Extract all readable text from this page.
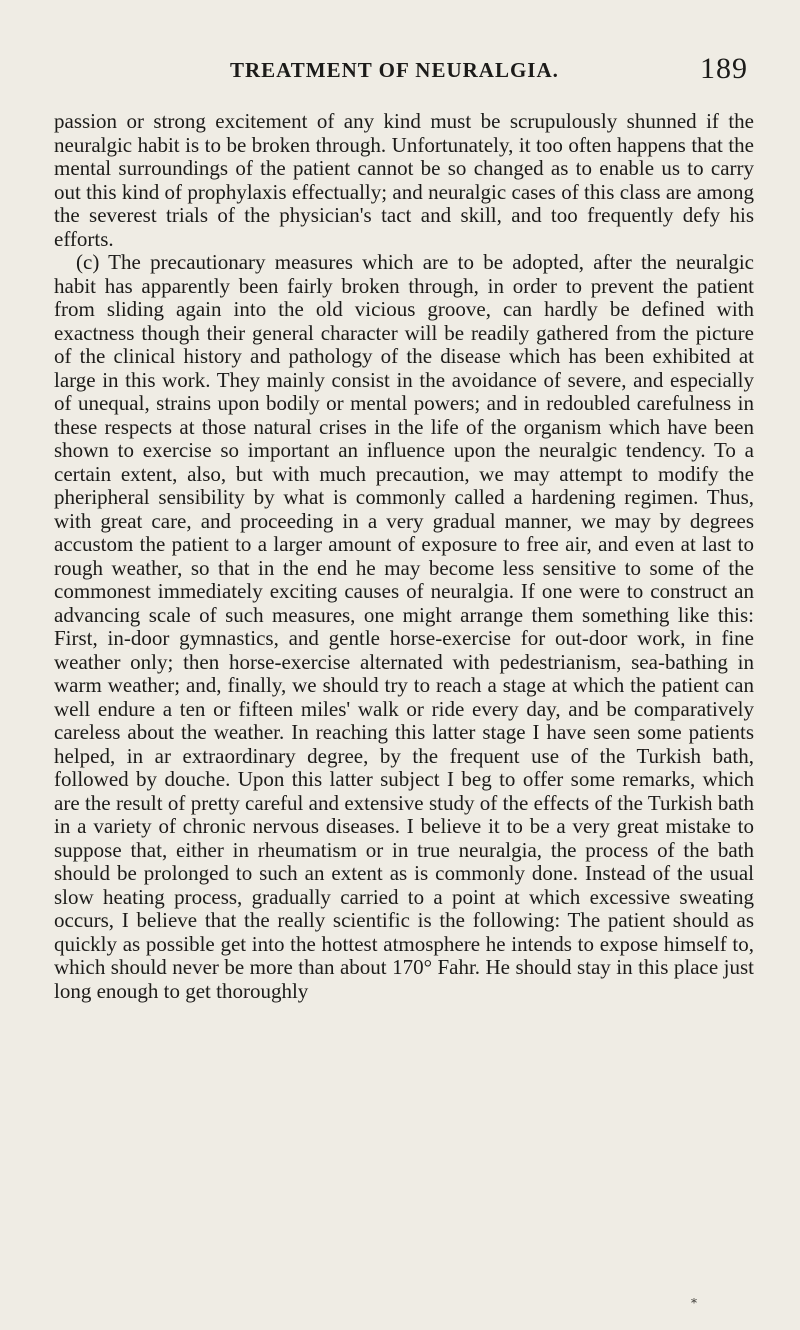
TREATMENT OF NEURALGIA.	189

passion or strong excitement of any kind must be scrupulously shunned if the neuralgic habit is to be broken through. Unfortunately, it too often happens that the mental surroundings of the patient cannot be so changed as to enable us to carry out this kind of prophylaxis effectually; and neuralgic cases of this class are among the severest trials of the physician's tact and skill, and too frequently defy his efforts.

(c) The precautionary measures which are to be adopted, after the neuralgic habit has apparently been fairly broken through, in order to prevent the patient from sliding again into the old vicious groove, can hardly be defined with exactness though their general character will be readily gathered from the picture of the clinical history and pathology of the disease which has been exhibited at large in this work. They mainly consist in the avoidance of severe, and especially of unequal, strains upon bodily or mental powers; and in redoubled carefulness in these respects at those natural crises in the life of the organism which have been shown to exercise so important an influence upon the neuralgic tendency. To a certain extent, also, but with much precaution, we may attempt to modify the pheripheral sensibility by what is commonly called a hardening regimen. Thus, with great care, and proceeding in a very gradual manner, we may by degrees accustom the patient to a larger amount of exposure to free air, and even at last to rough weather, so that in the end he may become less sensitive to some of the commonest immediately exciting causes of neuralgia. If one were to construct an advancing scale of such measures, one might arrange them something like this: First, in-door gymnastics, and gentle horse-exercise for out-door work, in fine weather only; then horse-exercise alternated with pedestrianism, sea-bathing in warm weather; and, finally, we should try to reach a stage at which the patient can well endure a ten or fifteen miles' walk or ride every day, and be comparatively careless about the weather. In reaching this latter stage I have seen some patients helped, in ar extraordinary degree, by the frequent use of the Turkish bath, followed by douche. Upon this latter subject I beg to offer some remarks, which are the result of pretty careful and extensive study of the effects of the Turkish bath in a variety of chronic nervous diseases. I believe it to be a very great mistake to suppose that, either in rheumatism or in true neuralgia, the process of the bath should be prolonged to such an extent as is commonly done. Instead of the usual slow heating process, gradually carried to a point at which excessive sweating occurs, I believe that the really scientific is the following: The patient should as quickly as possible get into the hottest atmosphere he intends to expose himself to, which should never be more than about 170° Fahr. He should stay in this place just long enough to get thoroughly

*
